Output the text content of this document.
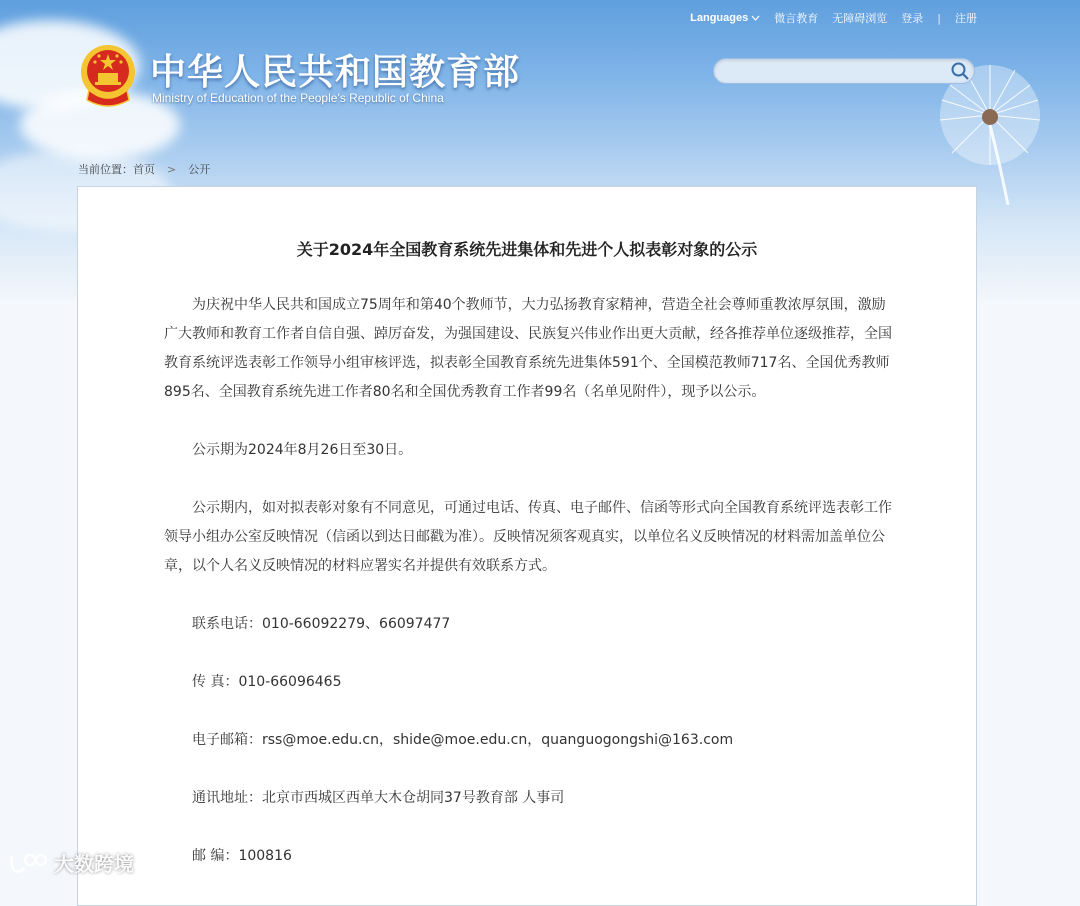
Languages	微言教育 无障碍浏览 登录 | 注册
中华人民共和国教育部
Ministry of Education of the People's Republic of China
当前位置：首页 > 公开
关于2024年全国教育系统先进集体和先进个人拟表彰对象的公示

为庆祝中华人民共和国成立75周年和第40个教师节，大力弘扬教育家精神，营造全社会尊师重教浓厚氛围，激励广大教师和教育工作者自信自强、踔厉奋发，为强国建设、民族复兴伟业作出更大贡献，经各推荐单位逐级推荐，全国教育系统评选表彰工作领导小组审核评选，拟表彰全国教育系统先进集体591个、全国模范教师717名、全国优秀教师895名、全国教育系统先进工作者80名和全国优秀教育工作者99名（名单见附件），现予以公示。

公示期为2024年8月26日至30日。

公示期内，如对拟表彰对象有不同意见，可通过电话、传真、电子邮件、信函等形式向全国教育系统评选表彰工作领导小组办公室反映情况（信函以到达日邮戳为准）。反映情况须客观真实，以单位名义反映情况的材料需加盖单位公章，以个人名义反映情况的材料应署实名并提供有效联系方式。

联系电话：010-66092279、66097477

传 真：010-66096465

电子邮箱：rss@moe.edu.cn，shide@moe.edu.cn，quanguogongshi@163.com

通讯地址：北京市西城区西单大木仓胡同37号教育部 人事司

邮 编：100816

大数跨境
